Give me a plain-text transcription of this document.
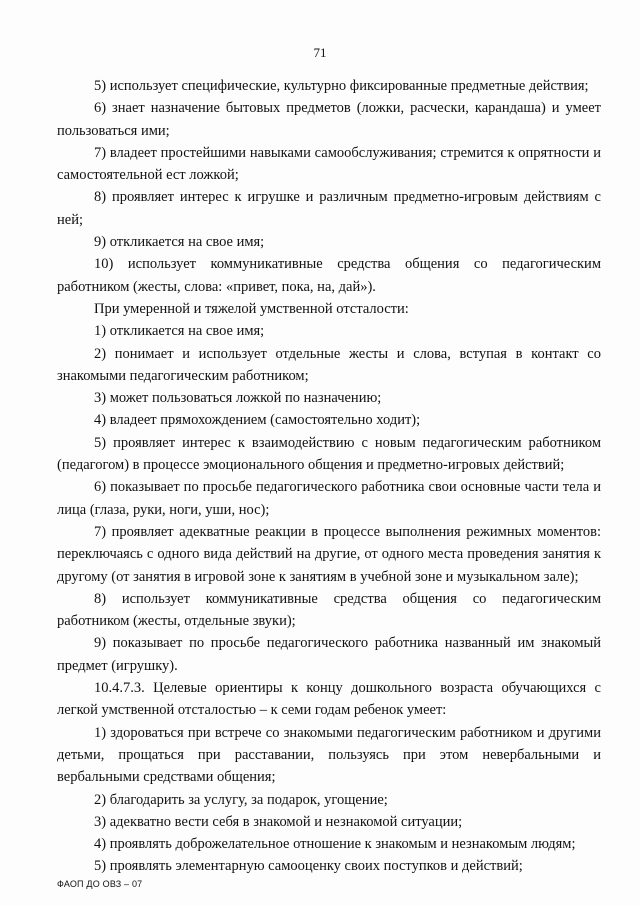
71

5) использует специфические, культурно фиксированные предметные действия;

6) знает назначение бытовых предметов (ложки, расчески, карандаша) и умеет пользоваться ими;

7) владеет простейшими навыками самообслуживания; стремится к опрятности и самостоятельной ест ложкой;

8) проявляет интерес к игрушке и различным предметно-игровым действиям с ней;

9) откликается на свое имя;

10) использует коммуникативные средства общения со педагогическим работником (жесты, слова: «привет, пока, на, дай»).

При умеренной и тяжелой умственной отсталости:

1) откликается на свое имя;

2) понимает и использует отдельные жесты и слова, вступая в контакт со знакомыми педагогическим работником;

3) может пользоваться ложкой по назначению;

4) владеет прямохождением (самостоятельно ходит);

5) проявляет интерес к взаимодействию с новым педагогическим работником (педагогом) в процессе эмоционального общения и предметно-игровых действий;

6) показывает по просьбе педагогического работника свои основные части тела и лица (глаза, руки, ноги, уши, нос);

7) проявляет адекватные реакции в процессе выполнения режимных моментов: переключаясь с одного вида действий на другие, от одного места проведения занятия к другому (от занятия в игровой зоне к занятиям в учебной зоне и музыкальном зале);

8) использует коммуникативные средства общения со педагогическим работником (жесты, отдельные звуки);

9) показывает по просьбе педагогического работника названный им знакомый предмет (игрушку).

10.4.7.3. Целевые ориентиры к концу дошкольного возраста обучающихся с легкой умственной отсталостью – к семи годам ребенок умеет:

1) здороваться при встрече со знакомыми педагогическим работником и другими детьми, прощаться при расставании, пользуясь при этом невербальными и вербальными средствами общения;

2) благодарить за услугу, за подарок, угощение;

3) адекватно вести себя в знакомой и незнакомой ситуации;

4) проявлять доброжелательное отношение к знакомым и незнакомым людям;

5) проявлять элементарную самооценку своих поступков и действий;

ФАОП ДО ОВЗ – 07
